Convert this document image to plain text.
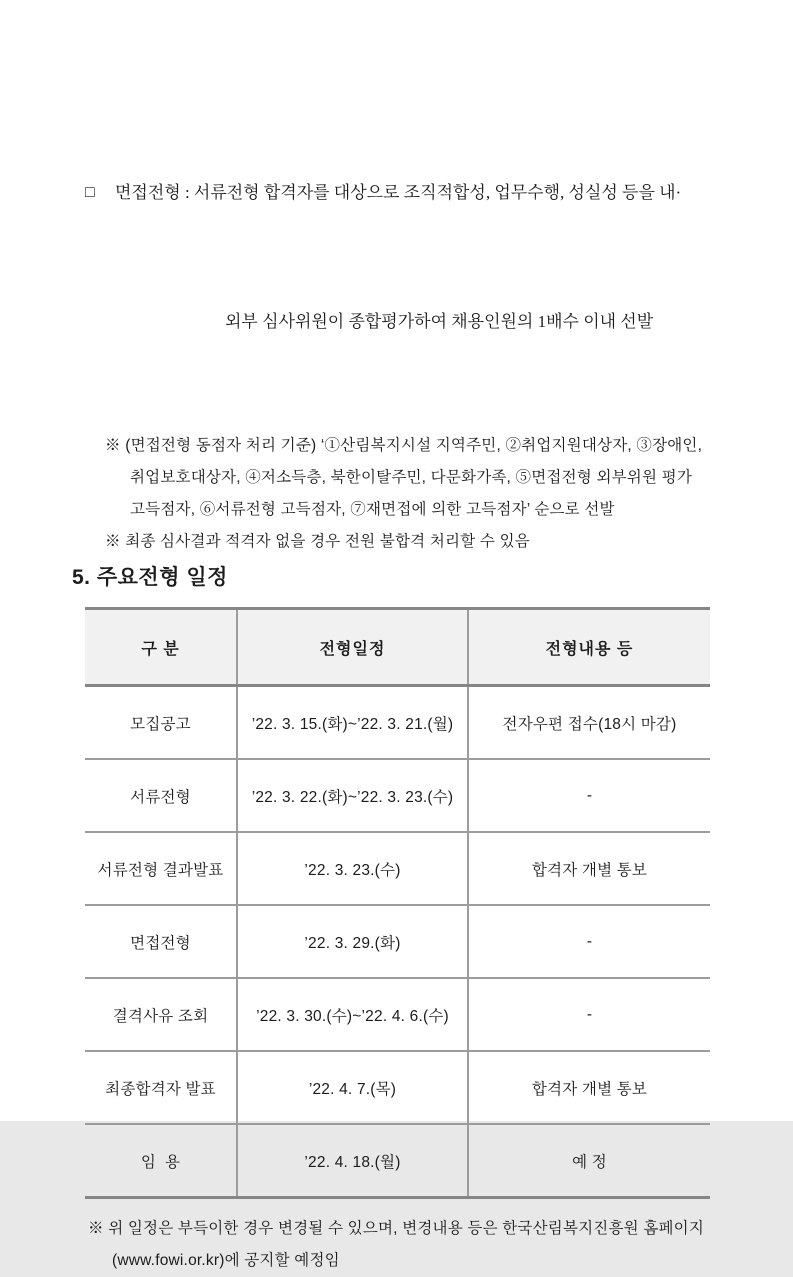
□	면접전형 : 서류전형 합격자를 대상으로 조직적합성, 업무수행, 성실성 등을 내·

외부 심사위원이 종합평가하여 채용인원의 1배수 이내 선발

※ (면접전형 동점자 처리 기준) ‘①산림복지시설 지역주민, ②취업지원대상자, ③장애인,
취업보호대상자, ④저소득층, 북한이탈주민, 다문화가족, ⑤면접전형 외부위원 평가
고득점자, ⑥서류전형 고득점자, ⑦재면접에 의한 고득점자’ 순으로 선발
※ 최종 심사결과 적격자 없을 경우 전원 불합격 처리할 수 있음
5. 주요전형 일정
구 분	전형일정	전형내용 등
모집공고	’22. 3. 15.(화)~’22. 3. 21.(월)	전자우편 접수(18시 마감)
서류전형	’22. 3. 22.(화)~’22. 3. 23.(수)	-
서류전형 결과발표	’22. 3. 23.(수)	합격자 개별 통보
면접전형	’22. 3. 29.(화)	-
결격사유 조회	’22. 3. 30.(수)~’22. 4. 6.(수)	-
최종합격자 발표	’22. 4. 7.(목)	합격자 개별 통보
임  용	’22. 4. 18.(월)	예 정
※ 위 일정은 부득이한 경우 변경될 수 있으며, 변경내용 등은 한국산림복지진흥원 홈페이지
(www.fowi.or.kr)에 공지할 예정임
